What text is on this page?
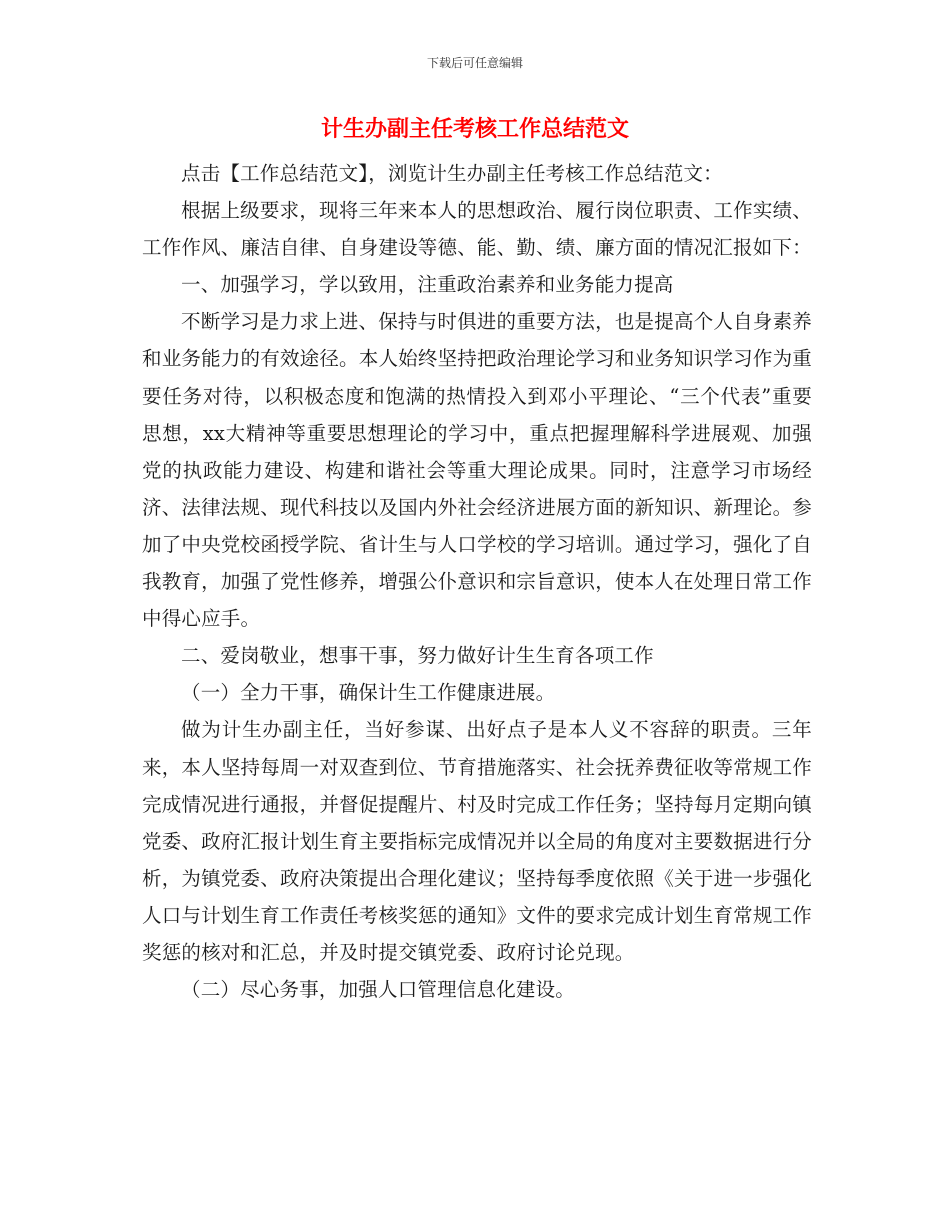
下载后可任意编辑
计生办副主任考核工作总结范文

点击【工作总结范文】，浏览计生办副主任考核工作总结范文：

根据上级要求，现将三年来本人的思想政治、履行岗位职责、工作实绩、工作作风、廉洁自律、自身建设等德、能、勤、绩、廉方面的情况汇报如下：

一、加强学习，学以致用，注重政治素养和业务能力提高

不断学习是力求上进、保持与时俱进的重要方法，也是提高个人自身素养和业务能力的有效途径。本人始终坚持把政治理论学习和业务知识学习作为重要任务对待，以积极态度和饱满的热情投入到邓小平理论、“三个代表”重要思想，xx大精神等重要思想理论的学习中，重点把握理解科学进展观、加强党的执政能力建设、构建和谐社会等重大理论成果。同时，注意学习市场经济、法律法规、现代科技以及国内外社会经济进展方面的新知识、新理论。参加了中央党校函授学院、省计生与人口学校的学习培训。通过学习，强化了自我教育，加强了党性修养，增强公仆意识和宗旨意识，使本人在处理日常工作中得心应手。

二、爱岗敬业，想事干事，努力做好计生生育各项工作

（一）全力干事，确保计生工作健康进展。

做为计生办副主任，当好参谋、出好点子是本人义不容辞的职责。三年来，本人坚持每周一对双查到位、节育措施落实、社会抚养费征收等常规工作完成情况进行通报，并督促提醒片、村及时完成工作任务；坚持每月定期向镇党委、政府汇报计划生育主要指标完成情况并以全局的角度对主要数据进行分析，为镇党委、政府决策提出合理化建议；坚持每季度依照《关于进一步强化人口与计划生育工作责任考核奖惩的通知》文件的要求完成计划生育常规工作奖惩的核对和汇总，并及时提交镇党委、政府讨论兑现。

（二）尽心务事，加强人口管理信息化建设。
